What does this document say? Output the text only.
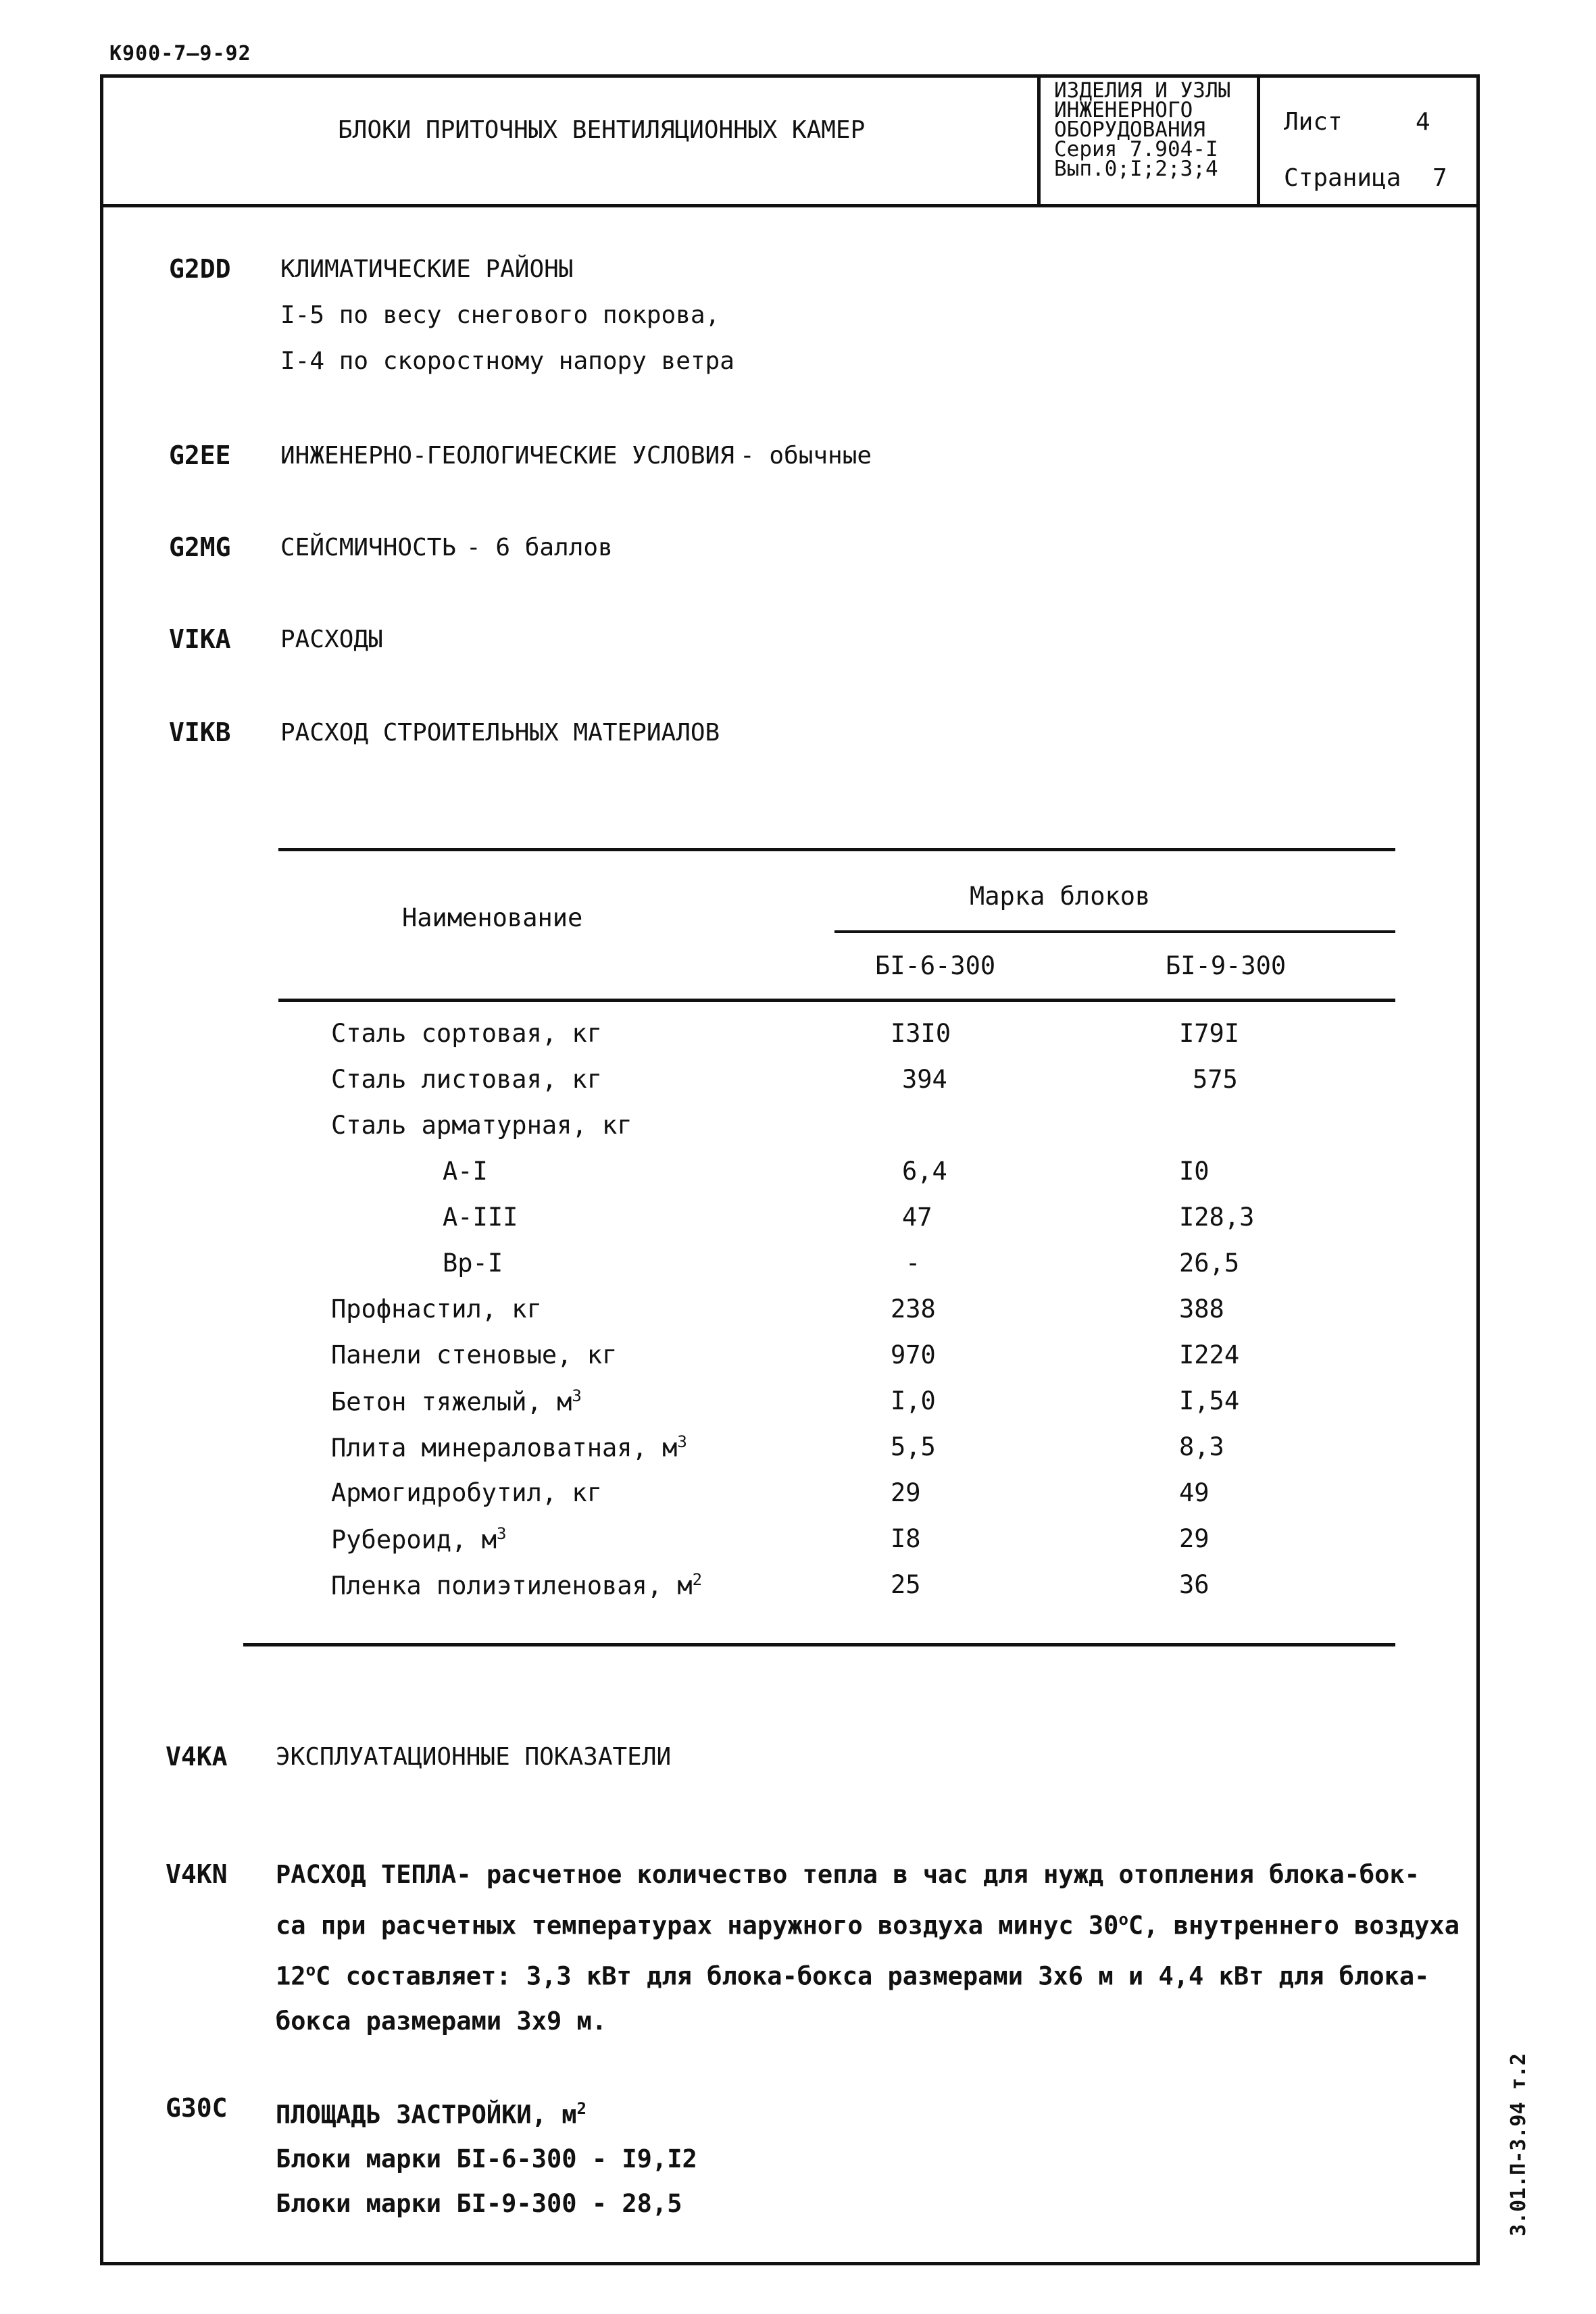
К900-7—9-92
БЛОКИ ПРИТОЧНЫХ ВЕНТИЛЯЦИОННЫХ КАМЕР
ИЗДЕЛИЯ И УЗЛЫ
ИНЖЕНЕРНОГО
ОБОРУДОВАНИЯ
Серия 7.904-I
Вып.0;I;2;3;4
Лист	4
Страница 7
G2DD КЛИМАТИЧЕСКИЕ РАЙОНЫ
I-5 по весу снегового покрова,
I-4 по скоростному напору ветра
G2EE ИНЖЕНЕРНО-ГЕОЛОГИЧЕСКИЕ УСЛОВИЯ - обычные
G2MG СЕЙСМИЧНОСТЬ - 6 баллов
VIKA РАСХОДЫ
VIKB РАСХОД СТРОИТЕЛЬНЫХ МАТЕРИАЛОВ
Наименование
Марка блоков
БI-6-300	БI-9-300
Сталь сортовая, кг	I3I0	I79I
Сталь листовая, кг	394	575
Сталь арматурная, кг
A-I	6,4	I0
A-III	47	I28,3
Bp-I	-	26,5
Профнастил, кг	238	388
Панели стеновые, кг	970	I224
Бетон тяжелый, $м^3$	I,0	I,54
Плита минераловатная, $м^3$	5,5	8,3
Армогидробутил, кг	29	49
Рубероид, $м^3$	I8	29
Пленка полиэтиленовая, $м^2$	25	36
V4KA ЭКСПЛУАТАЦИОННЫЕ ПОКАЗАТЕЛИ
V4KN РАСХОД ТЕПЛА- расчетное количество тепла в час для нужд отопления блока-бок-
са при расчетных температурах наружного воздуха минус $30^оС$, внутреннего воздуха
$12^оС$ составляет: 3,3 кВт для блока-бокса размерами 3х6 м и 4,4 кВт для блока-
бокса размерами 3х9 м.
G30C ПЛОЩАДЬ ЗАСТРОЙКИ, $м^2$
Блоки марки БI-6-300 - I9,I2
Блоки марки БI-9-300 - 28,5	3.01.П-3.94 т.2
